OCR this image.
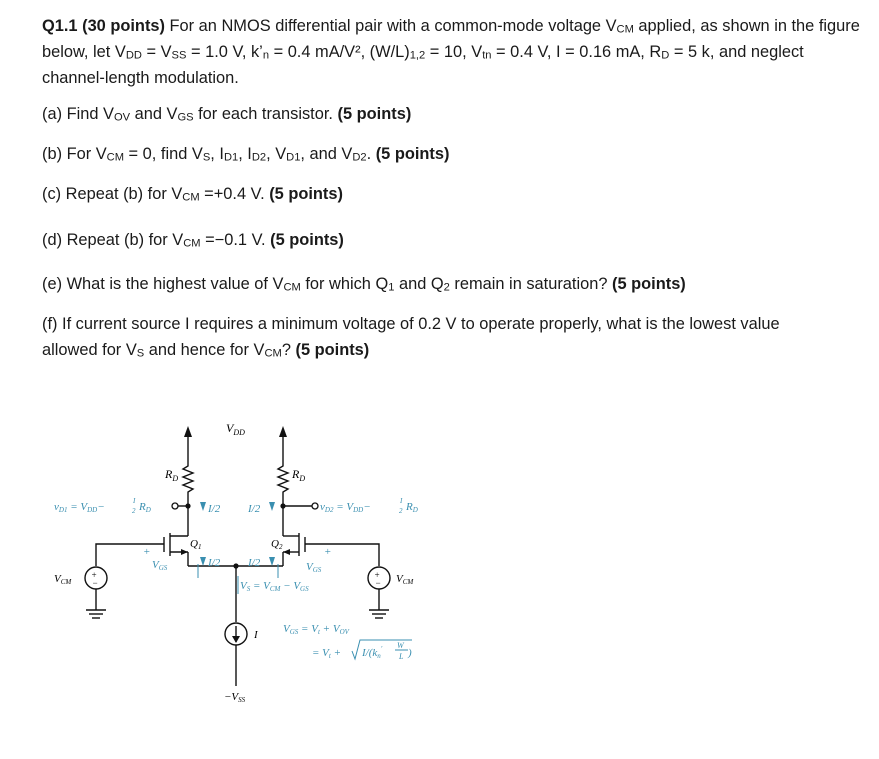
Q1.1 (30 points) For an NMOS differential pair with a common-mode voltage $V_{CM}$ applied, as shown in the figure below, let $V_{DD} = V_{SS} = 1.0$ V, $k’_n = 0.4$ mA/V², $(W/L)_{1,2} = 10$, $V_{tn} = 0.4$ V, I = 0.16 mA, $R_D = 5$ k, and neglect channel-length modulation.
(a) Find $V_{OV}$ and $V_{GS}$ for each transistor. (5 points)
(b) For $V_{CM} = 0$, find $V_S$, $I_{D1}$, $I_{D2}$, $V_{D1}$, and $V_{D2}$. (5 points)
(c) Repeat (b) for $V_{CM} =+0.4$ V. (5 points)
(d) Repeat (b) for $V_{CM} =-0.1$ V. (5 points)
(e) What is the highest value of $V_{CM}$ for which $Q_1$ and $Q_2$ remain in saturation? (5 points)
(f) If current source I requires a minimum voltage of 0.2 V to operate properly, what is the lowest value
allowed for $V_S$ and hence for $V_{CM}$? (5 points)
$V_{DD}$
$R_D$	$R_D$
vD1 = VDD−	I
2 RD	I/2	I/2
I/2	I/2
vD2 = VDD−	I
2 RD
Q1	Q2
+	+
VGS	VGS
VCM	VCM
+
−
+
−
VS = VCM − VGS
I
−VSS
VGS = Vt + VOV
= Vt + I/(kn′ W
L )
